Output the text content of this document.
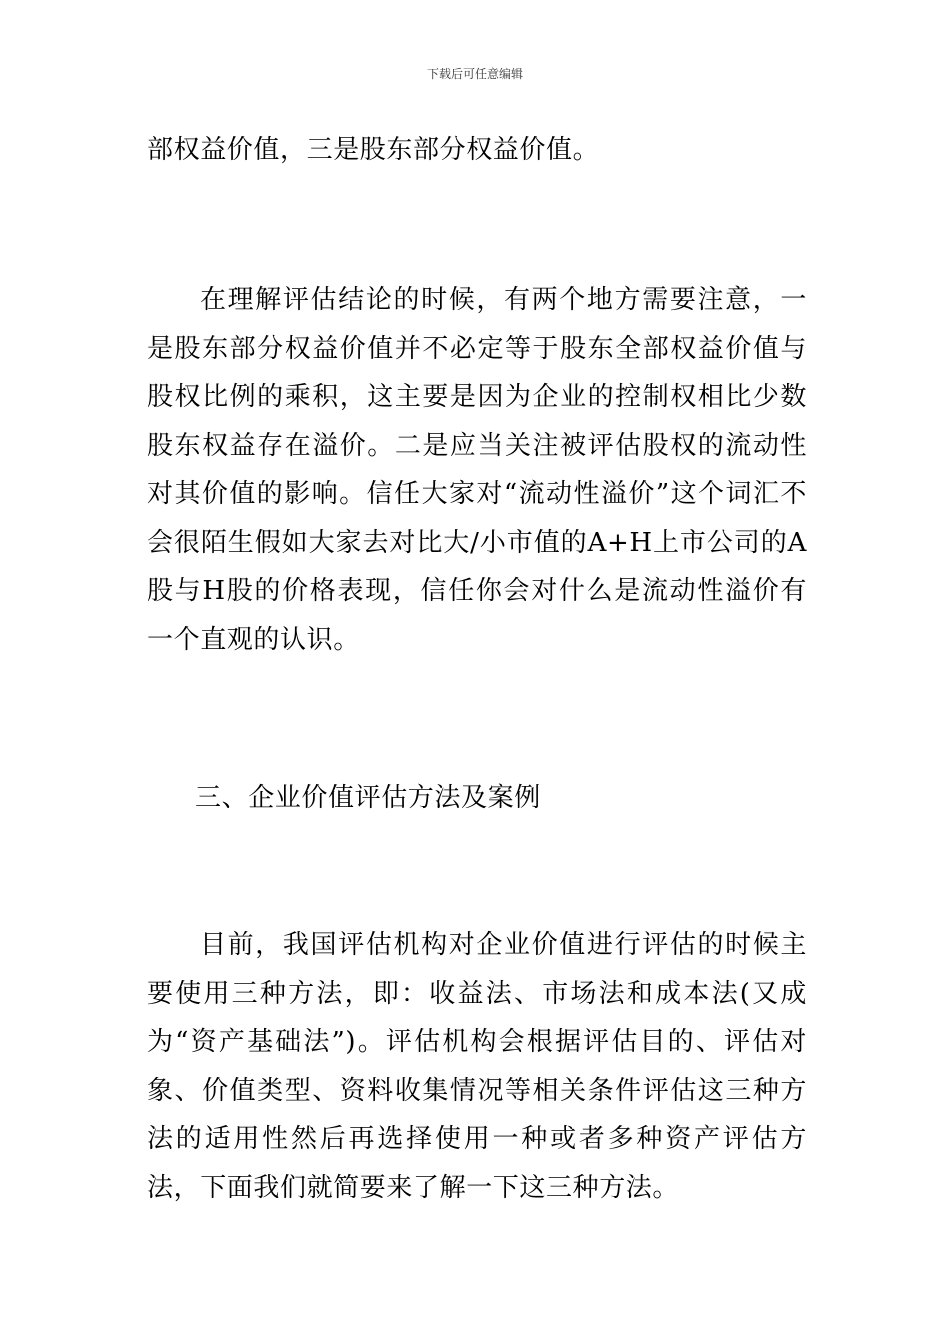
下载后可任意编辑

部权益价值，三是股东部分权益价值。

在理解评估结论的时候，有两个地方需要注意，一是股东部分权益价值并不必定等于股东全部权益价值与股权比例的乘积，这主要是因为企业的控制权相比少数股东权益存在溢价。二是应当关注被评估股权的流动性对其价值的影响。信任大家对“流动性溢价”这个词汇不会很陌生假如大家去对比大/小市值的A+H上市公司的A股与H股的价格表现，信任你会对什么是流动性溢价有一个直观的认识。

三、企业价值评估方法及案例

目前，我国评估机构对企业价值进行评估的时候主要使用三种方法，即：收益法、市场法和成本法(又成为“资产基础法”)。评估机构会根据评估目的、评估对象、价值类型、资料收集情况等相关条件评估这三种方法的适用性然后再选择使用一种或者多种资产评估方法，下面我们就简要来了解一下这三种方法。
